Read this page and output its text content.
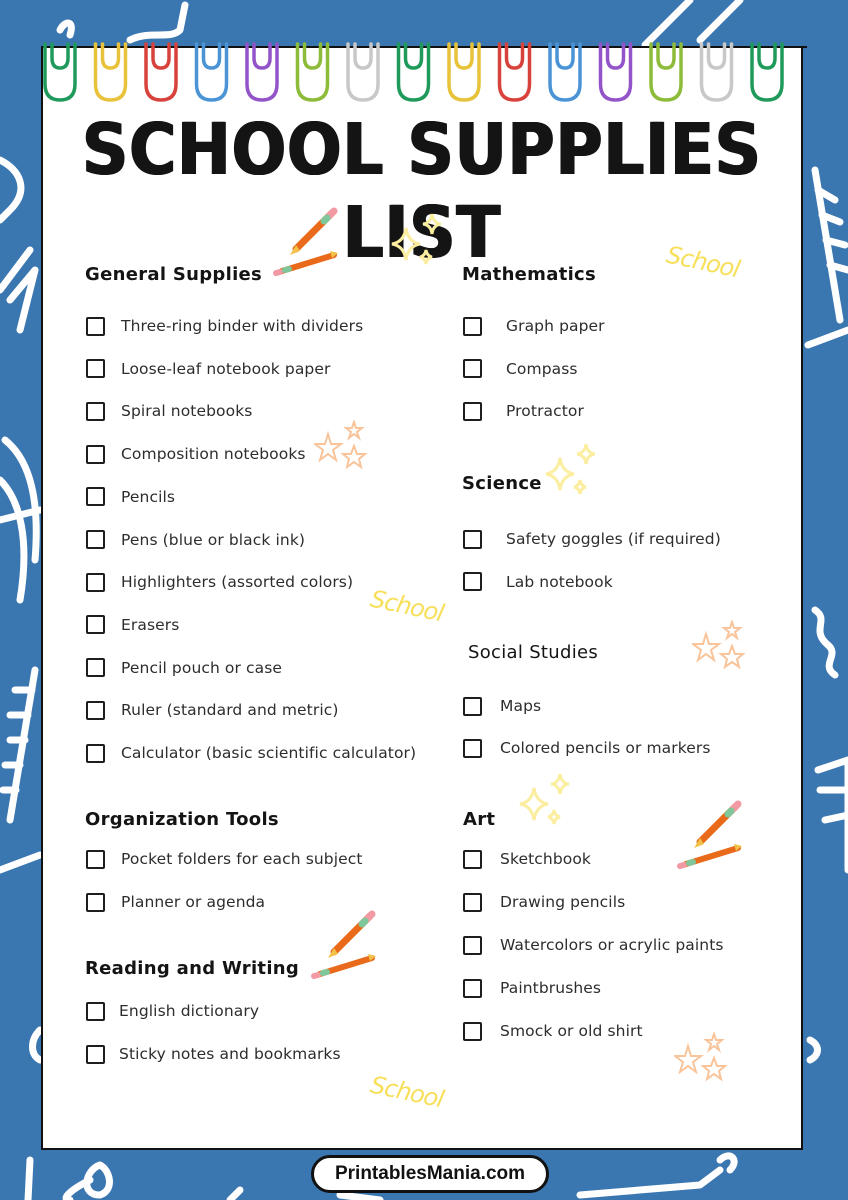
SCHOOL SUPPLIES LIST	School
School
School
General Supplies
Three-ring binder with dividers
Loose-leaf notebook paper
Spiral notebooks
Composition notebooks
Pencils
Pens (blue or black ink)
Highlighters (assorted colors)
Erasers
Pencil pouch or case
Ruler (standard and metric)
Calculator (basic scientific calculator)
Organization Tools
Pocket folders for each subject
Planner or agenda
Reading and Writing
English dictionary
Sticky notes and bookmarks
Mathematics
Graph paper
Compass
Protractor
Science
Safety goggles (if required)
Lab notebook
Social Studies
Maps
Colored pencils or markers
Art
Sketchbook
Drawing pencils
Watercolors or acrylic paints
Paintbrushes
Smock or old shirt
PrintablesMania.com
